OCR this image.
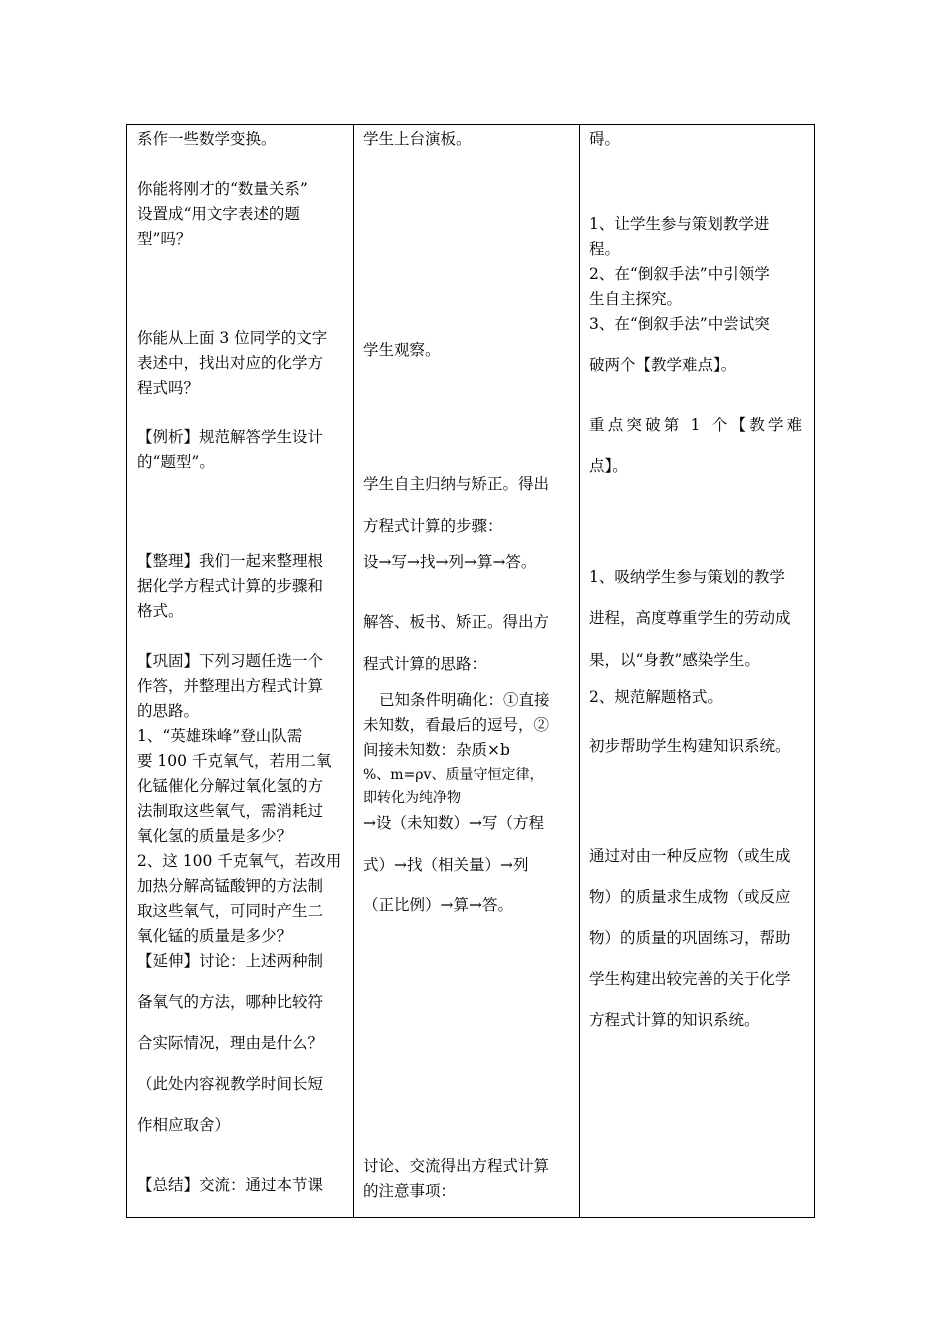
系作一些数学变换。

你能将刚才的“数量关系”

设置成“用文字表述的题

型”吗？

你能从上面 3 位同学的文字

表述中，找出对应的化学方

程式吗？

【例析】规范解答学生设计

的“题型”。

【整理】我们一起来整理根

据化学方程式计算的步骤和

格式。

【巩固】下列习题任选一个

作答，并整理出方程式计算

的思路。

1、“英雄珠峰”登山队需

要 100 千克氧气，若用二氧

化锰催化分解过氧化氢的方

法制取这些氧气，需消耗过

氧化氢的质量是多少？

2、这 100 千克氧气，若改用

加热分解高锰酸钾的方法制

取这些氧气，可同时产生二

氧化锰的质量是多少？

【延伸】讨论：上述两种制

备氧气的方法，哪种比较符

合实际情况，理由是什么？

（此处内容视教学时间长短

作相应取舍）

【总结】交流：通过本节课

学生上台演板。

学生观察。

学生自主归纳与矫正。得出

方程式计算的步骤：

设→写→找→列→算→答。

解答、板书、矫正。得出方

程式计算的思路：

已知条件明确化：①直接

未知数，看最后的逗号，②

间接未知数：杂质×b

%、m=ρv、质量守恒定律，

即转化为纯净物

→设（未知数）→写（方程

式）→找（相关量）→列

（正比例）→算→答。

讨论、交流得出方程式计算

的注意事项：

碍。

1、让学生参与策划教学进

程。

2、在“倒叙手法”中引领学

生自主探究。

3、在“倒叙手法”中尝试突

破两个【教学难点】。

重点突破第 1 个【教学难

点】。

1、吸纳学生参与策划的教学

进程，高度尊重学生的劳动成

果，以“身教”感染学生。

2、规范解题格式。

初步帮助学生构建知识系统。

通过对由一种反应物（或生成

物）的质量求生成物（或反应

物）的质量的巩固练习，帮助

学生构建出较完善的关于化学

方程式计算的知识系统。
